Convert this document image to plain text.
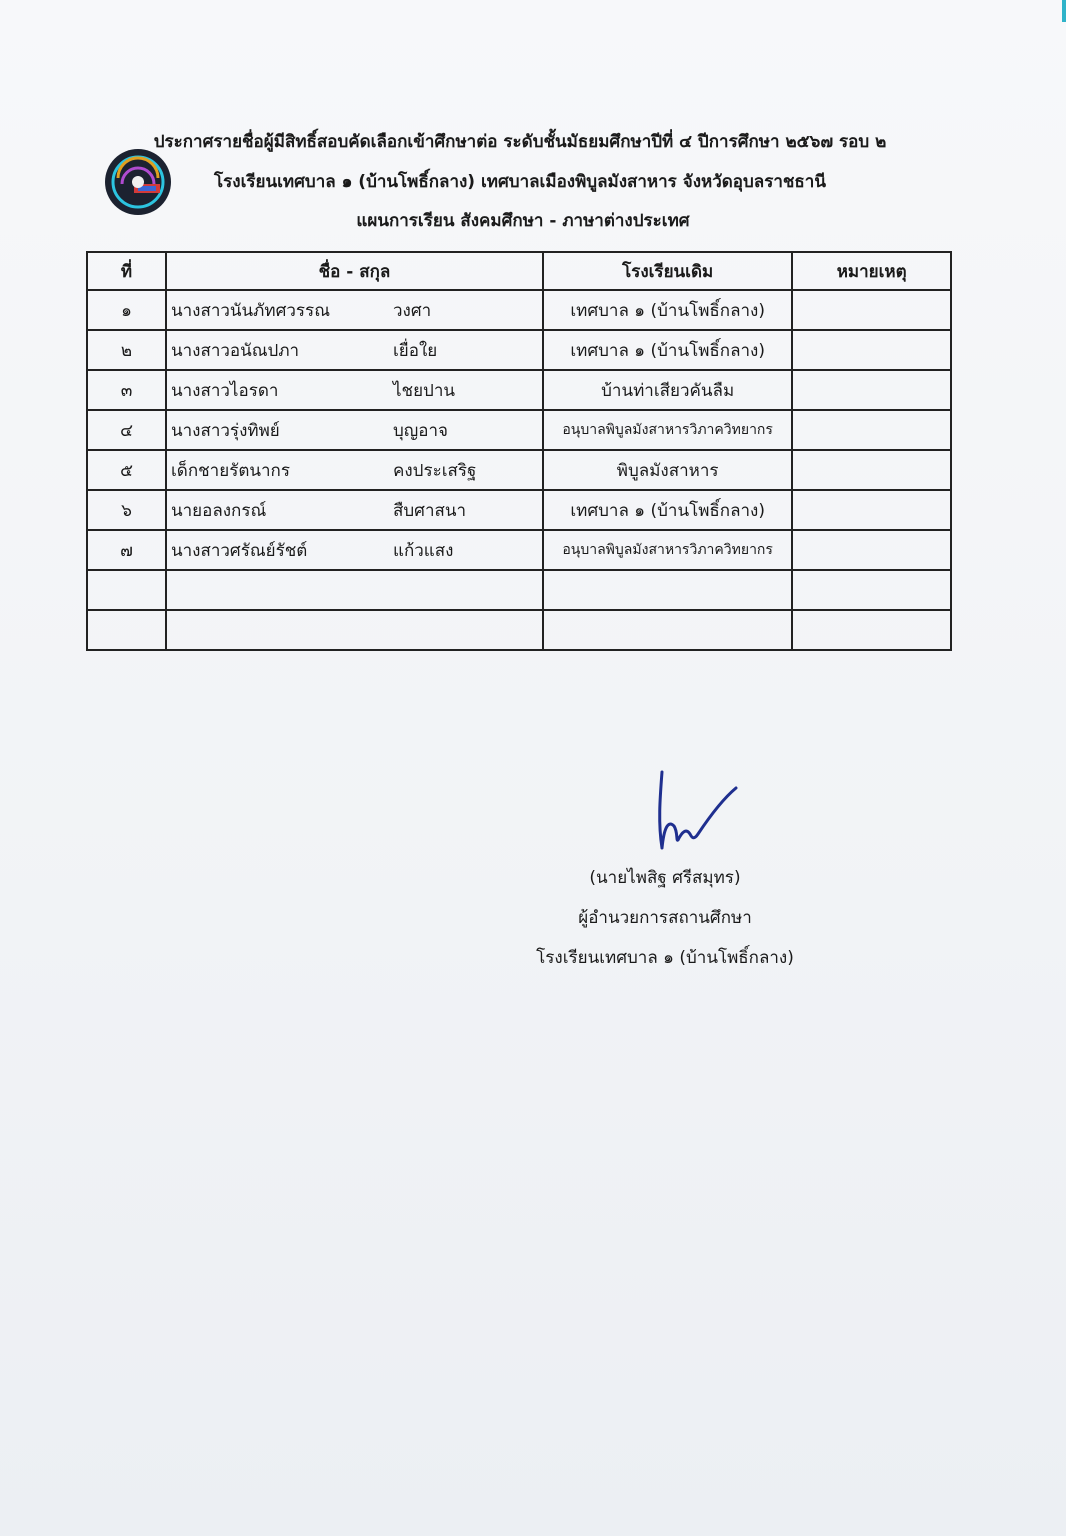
ประกาศรายชื่อผู้มีสิทธิ์สอบคัดเลือกเข้าศึกษาต่อ ระดับชั้นมัธยมศึกษาปีที่ ๔ ปีการศึกษา ๒๕๖๗ รอบ ๒
โรงเรียนเทศบาล ๑ (บ้านโพธิ์กลาง) เทศบาลเมืองพิบูลมังสาหาร จังหวัดอุบลราชธานี
แผนการเรียน สังคมศึกษา - ภาษาต่างประเทศ
ที่	ชื่อ - สกุล	โรงเรียนเดิม	หมายเหตุ
๑	นางสาวนันภัทศวรรณ วงศา	เทศบาล ๑ (บ้านโพธิ์กลาง)	
๒	นางสาวอนัณปภา เยื่อใย	เทศบาล ๑ (บ้านโพธิ์กลาง)	
๓	นางสาวไอรดา ไชยปาน	บ้านท่าเสียวคันลืม	
๔	นางสาวรุ่งทิพย์ บุญอาจ	อนุบาลพิบูลมังสาหารวิภาควิทยากร	
๕	เด็กชายรัตนากร คงประเสริฐ	พิบูลมังสาหาร	
๖	นายอลงกรณ์ สืบศาสนา	เทศบาล ๑ (บ้านโพธิ์กลาง)	
๗	นางสาวศรัณย์รัชต์ แก้วแสง	อนุบาลพิบูลมังสาหารวิภาควิทยากร	

(นายไพสิฐ ศรีสมุทร)
ผู้อำนวยการสถานศึกษา
โรงเรียนเทศบาล ๑ (บ้านโพธิ์กลาง)
